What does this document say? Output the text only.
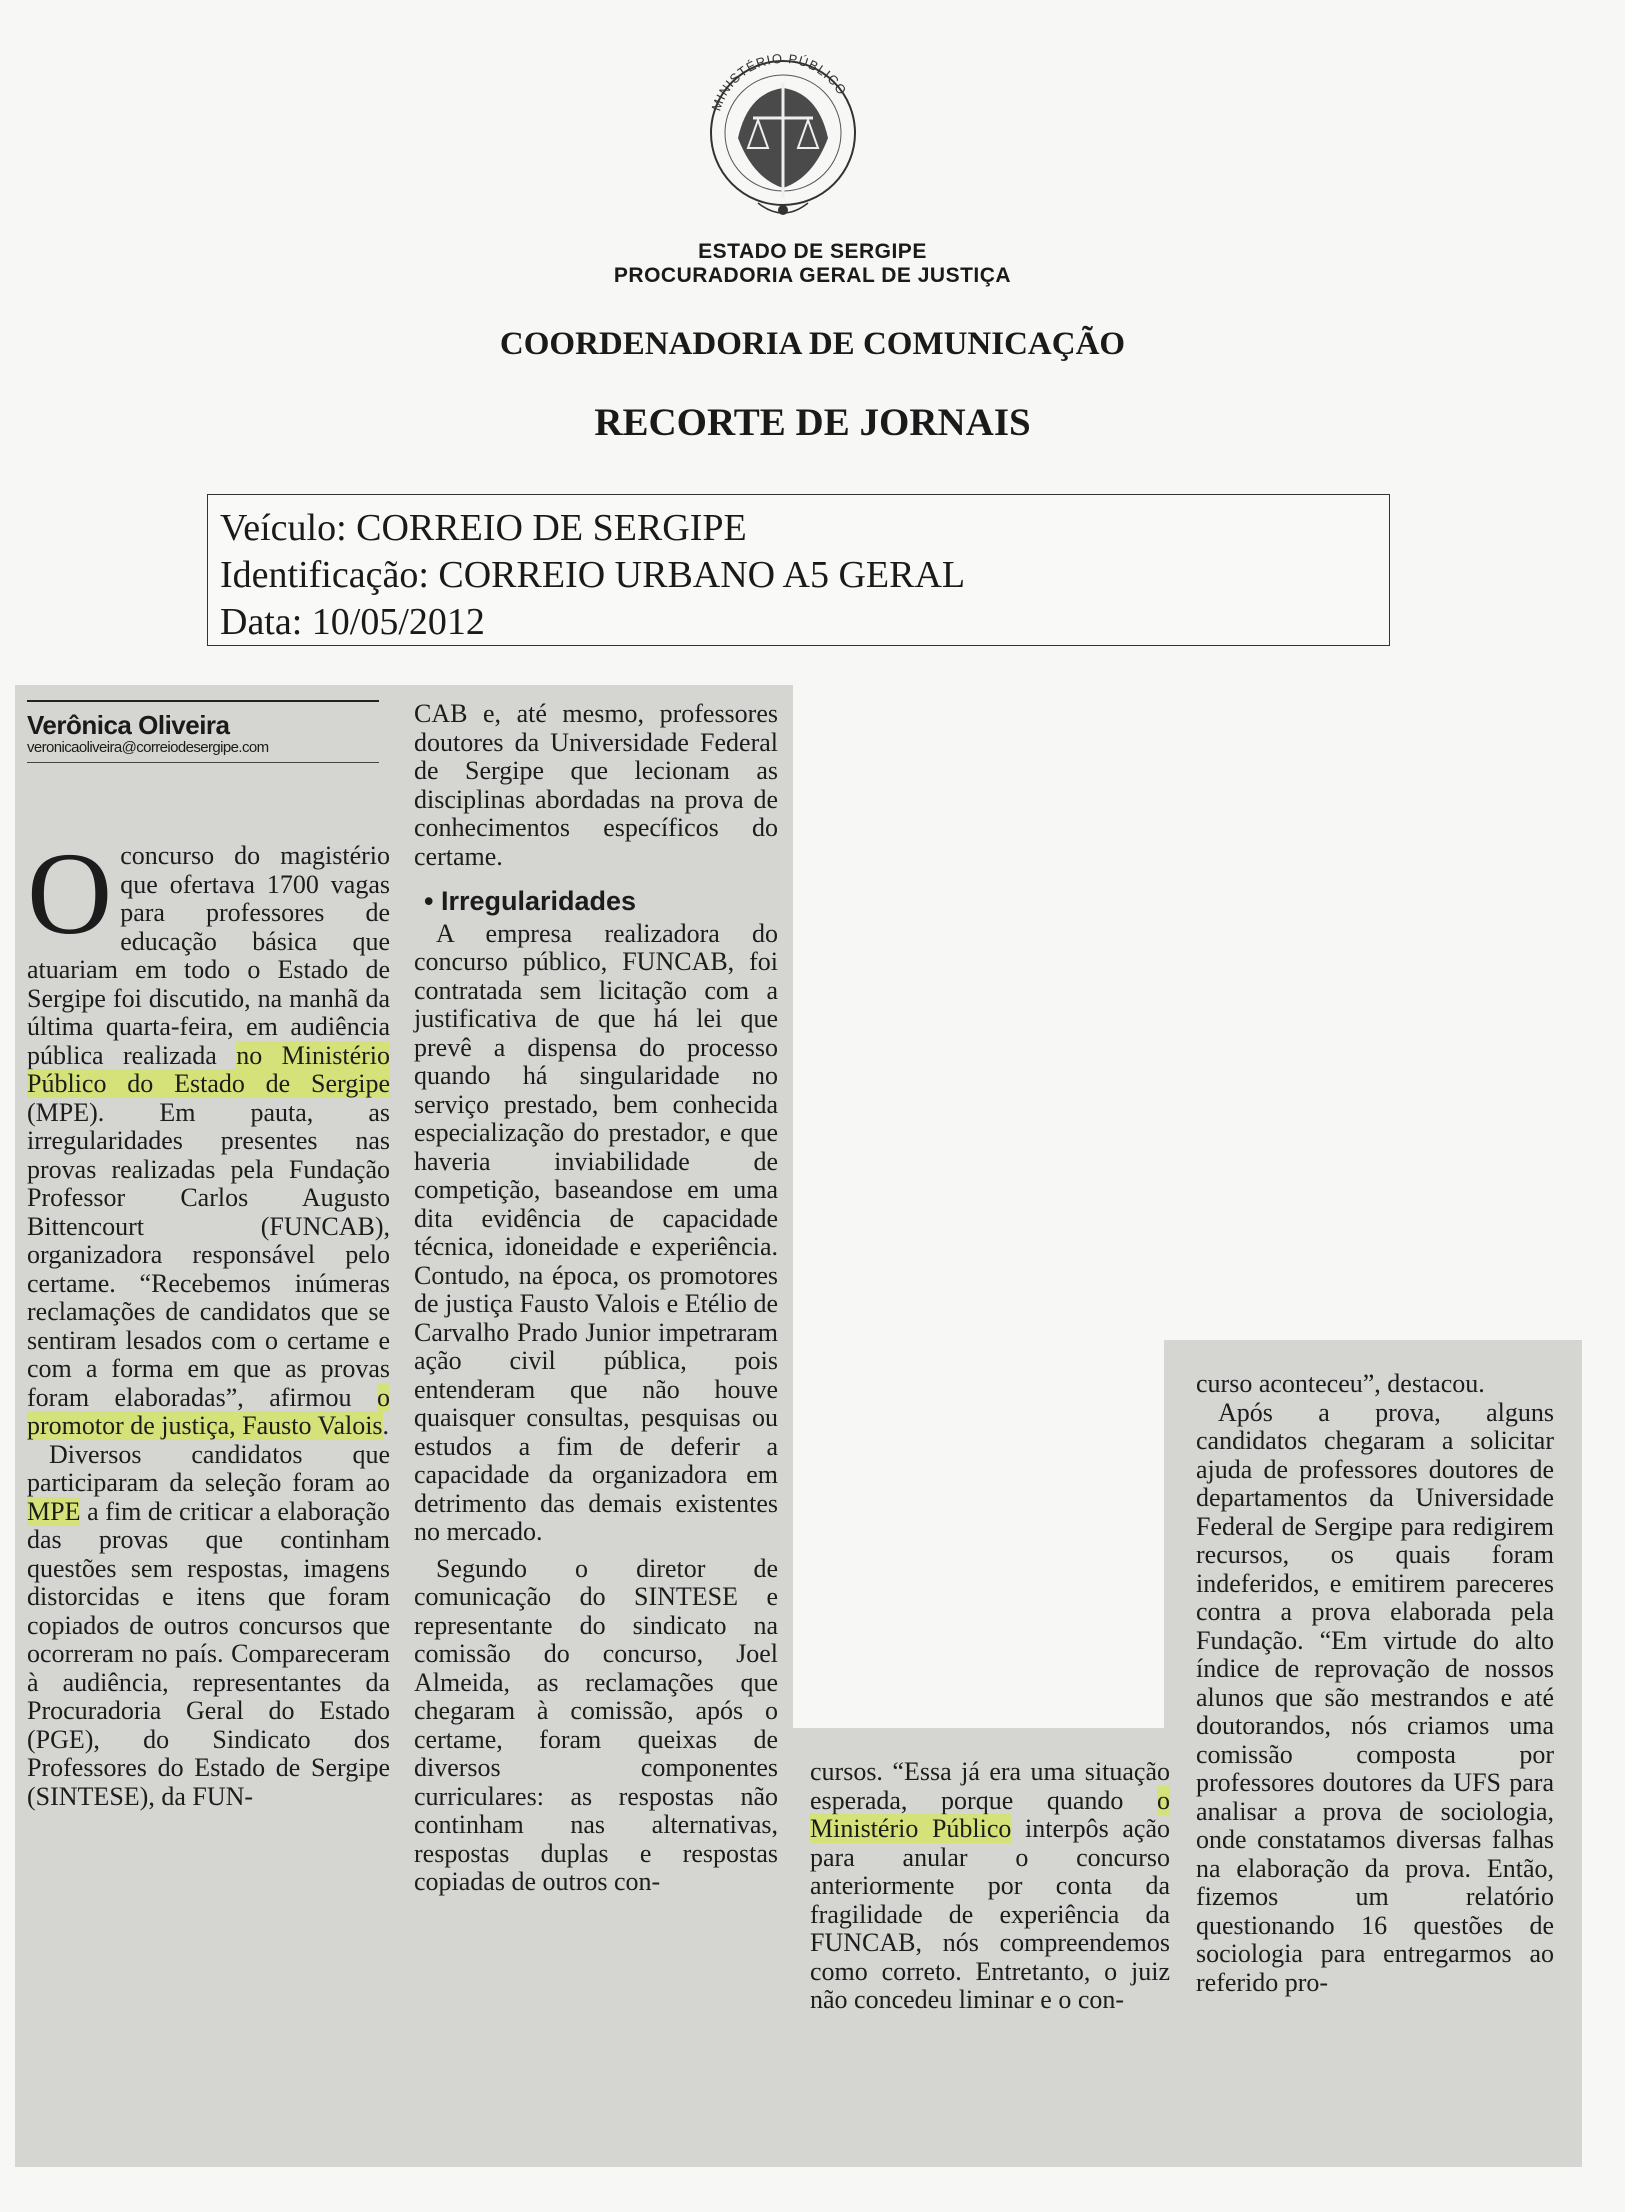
MINISTÉRIO PÚBLICO
ESTADO DE SERGIPE
PROCURADORIA GERAL DE JUSTIÇA
COORDENADORIA DE COMUNICAÇÃO
RECORTE DE JORNAIS
Veículo: CORREIO DE SERGIPE
Identificação: CORREIO URBANO A5 GERAL
Data: 10/05/2012
Verônica Oliveira
veronicaoliveira@correiodesergipe.com

Oconcurso do magistério que ofertava 1700 vagas para professores de educação básica que atuariam em todo o Estado de Sergipe foi discutido, na manhã da última quarta-feira, em audiência pública realizada no Ministério Público do Estado de Sergipe (MPE). Em pauta, as irregularidades presentes nas provas realizadas pela Fundação Professor Carlos Augusto Bittencourt (FUNCAB), organizadora responsável pelo certame. “Recebemos inúmeras reclamações de candidatos que se sentiram lesados com o certame e com a forma em que as provas foram elaboradas”, afirmou o promotor de justiça, Fausto Valois.

Diversos candidatos que participaram da seleção foram ao MPE a fim de criticar a elaboração das provas que continham questões sem respostas, imagens distorcidas e itens que foram copiados de outros concursos que ocorreram no país. Compareceram à audiência, representantes da Procuradoria Geral do Estado (PGE), do Sindicato dos Professores do Estado de Sergipe (SINTESE), da FUN-

CAB e, até mesmo, professores doutores da Universidade Federal de Sergipe que lecionam as disciplinas abordadas na prova de conhecimentos específicos do certame.

• Irregularidades

A empresa realizadora do concurso público, FUNCAB, foi contratada sem licitação com a justificativa de que há lei que prevê a dispensa do processo quando há singularidade no serviço prestado, bem conhecida especialização do prestador, e que haveria inviabilidade de competição, baseandose em uma dita evidência de capacidade técnica, idoneidade e experiência. Contudo, na época, os promotores de justiça Fausto Valois e Etélio de Carvalho Prado Junior impetraram ação civil pública, pois entenderam que não houve quaisquer consultas, pesquisas ou estudos a fim de deferir a capacidade da organizadora em detrimento das demais existentes no mercado.

Segundo o diretor de comunicação do SINTESE e representante do sindicato na comissão do concurso, Joel Almeida, as reclamações que chegaram à comissão, após o certame, foram queixas de diversos componentes curriculares: as respostas não continham nas alternativas, respostas duplas e respostas copiadas de outros con-

cursos. “Essa já era uma situação esperada, porque quando o Ministério Público interpôs ação para anular o concurso anteriormente por conta da fragilidade de experiência da FUNCAB, nós compreendemos como correto. Entretanto, o juiz não concedeu liminar e o con-

curso aconteceu”, destacou.

Após a prova, alguns candidatos chegaram a solicitar ajuda de professores doutores de departamentos da Universidade Federal de Sergipe para redigirem recursos, os quais foram indeferidos, e emitirem pareceres contra a prova elaborada pela Fundação. “Em virtude do alto índice de reprovação de nossos alunos que são mestrandos e até doutorandos, nós criamos uma comissão composta por professores doutores da UFS para analisar a prova de sociologia, onde constatamos diversas falhas na elaboração da prova. Então, fizemos um relatório questionando 16 questões de sociologia para entregarmos ao referido pro-
